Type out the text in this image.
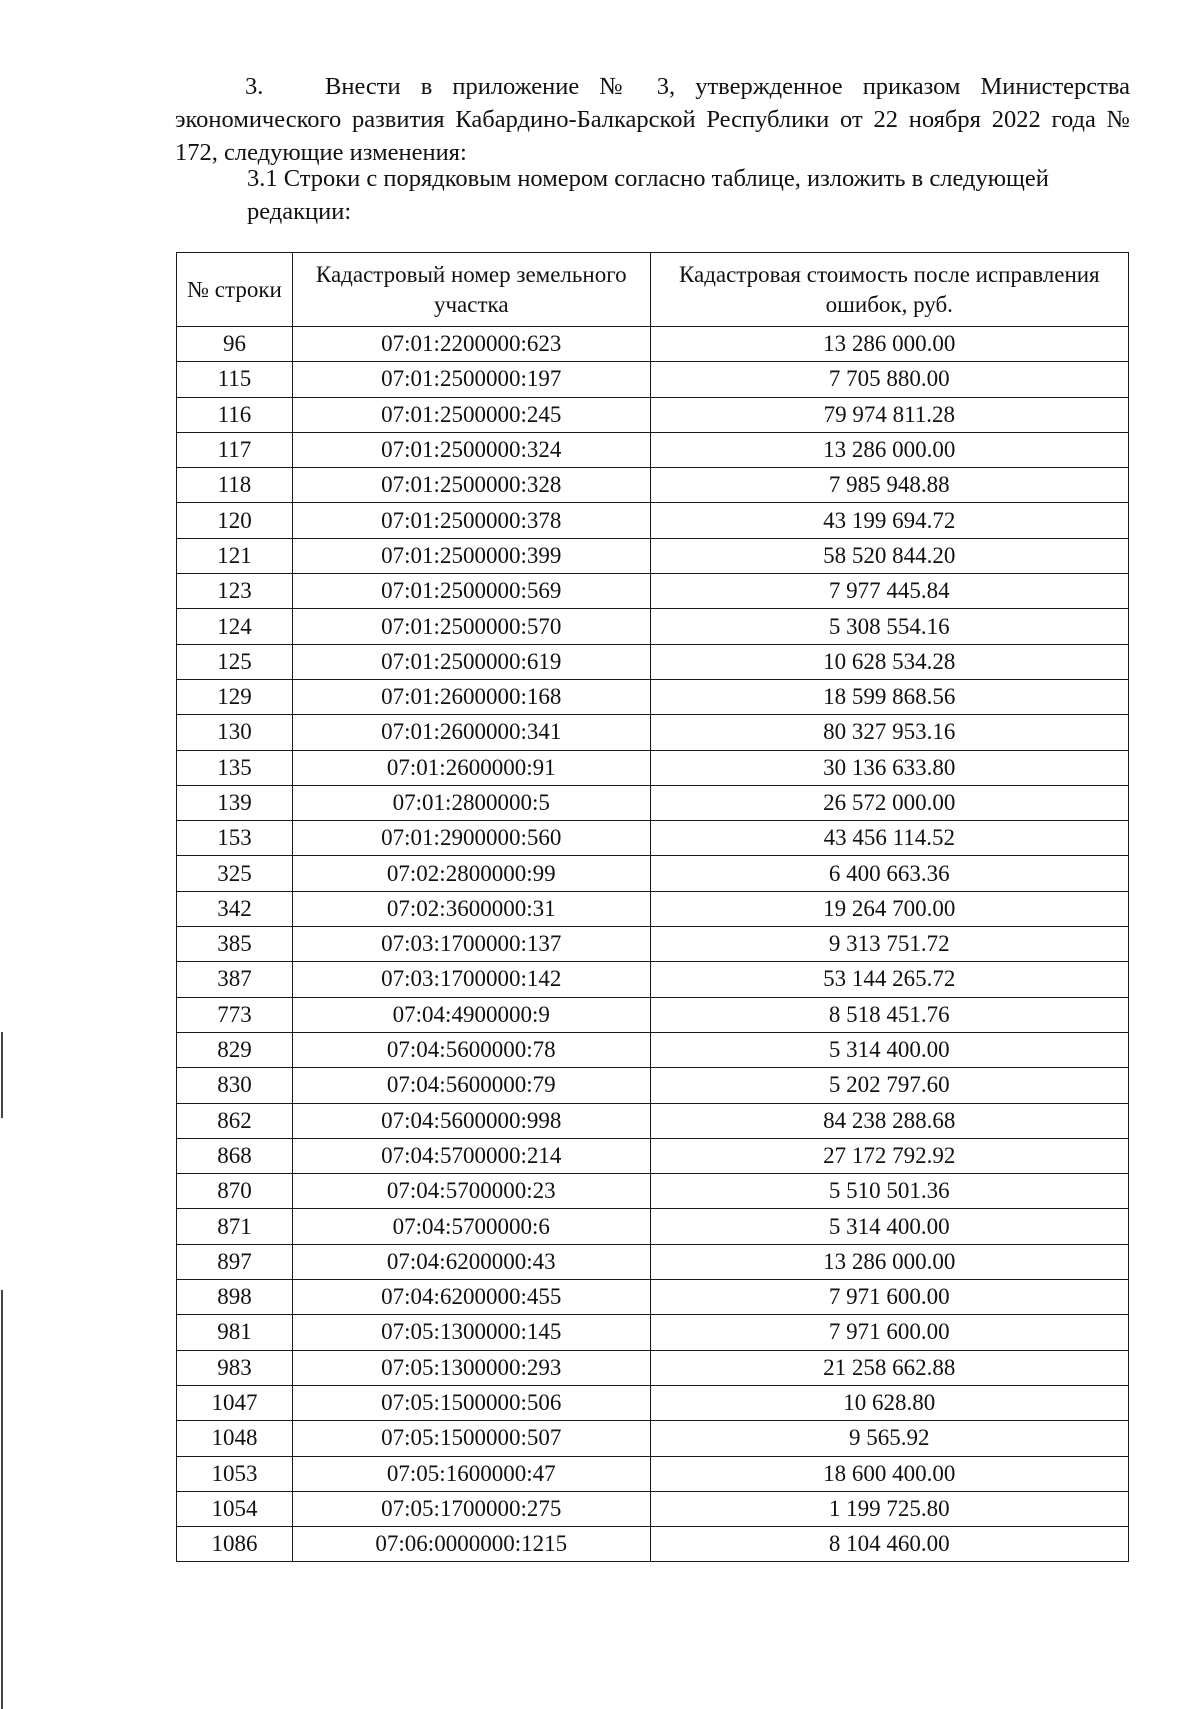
3.	Внести в приложение № 3, утвержденное приказом Министерства экономического развития Кабардино-Балкарской Республики от 22 ноября 2022 года № 172, следующие изменения:
3.1 Строки с порядковым номером согласно таблице, изложить в следующей
редакции:
№ строки	Кадастровый номер земельного участка	Кадастровая стоимость после исправления ошибок, руб.
96	07:01:2200000:623	13 286 000.00
115	07:01:2500000:197	7 705 880.00
116	07:01:2500000:245	79 974 811.28
117	07:01:2500000:324	13 286 000.00
118	07:01:2500000:328	7 985 948.88
120	07:01:2500000:378	43 199 694.72
121	07:01:2500000:399	58 520 844.20
123	07:01:2500000:569	7 977 445.84
124	07:01:2500000:570	5 308 554.16
125	07:01:2500000:619	10 628 534.28
129	07:01:2600000:168	18 599 868.56
130	07:01:2600000:341	80 327 953.16
135	07:01:2600000:91	30 136 633.80
139	07:01:2800000:5	26 572 000.00
153	07:01:2900000:560	43 456 114.52
325	07:02:2800000:99	6 400 663.36
342	07:02:3600000:31	19 264 700.00
385	07:03:1700000:137	9 313 751.72
387	07:03:1700000:142	53 144 265.72
773	07:04:4900000:9	8 518 451.76
829	07:04:5600000:78	5 314 400.00
830	07:04:5600000:79	5 202 797.60
862	07:04:5600000:998	84 238 288.68
868	07:04:5700000:214	27 172 792.92
870	07:04:5700000:23	5 510 501.36
871	07:04:5700000:6	5 314 400.00
897	07:04:6200000:43	13 286 000.00
898	07:04:6200000:455	7 971 600.00
981	07:05:1300000:145	7 971 600.00
983	07:05:1300000:293	21 258 662.88
1047	07:05:1500000:506	10 628.80
1048	07:05:1500000:507	9 565.92
1053	07:05:1600000:47	18 600 400.00
1054	07:05:1700000:275	1 199 725.80
1086	07:06:0000000:1215	8 104 460.00
